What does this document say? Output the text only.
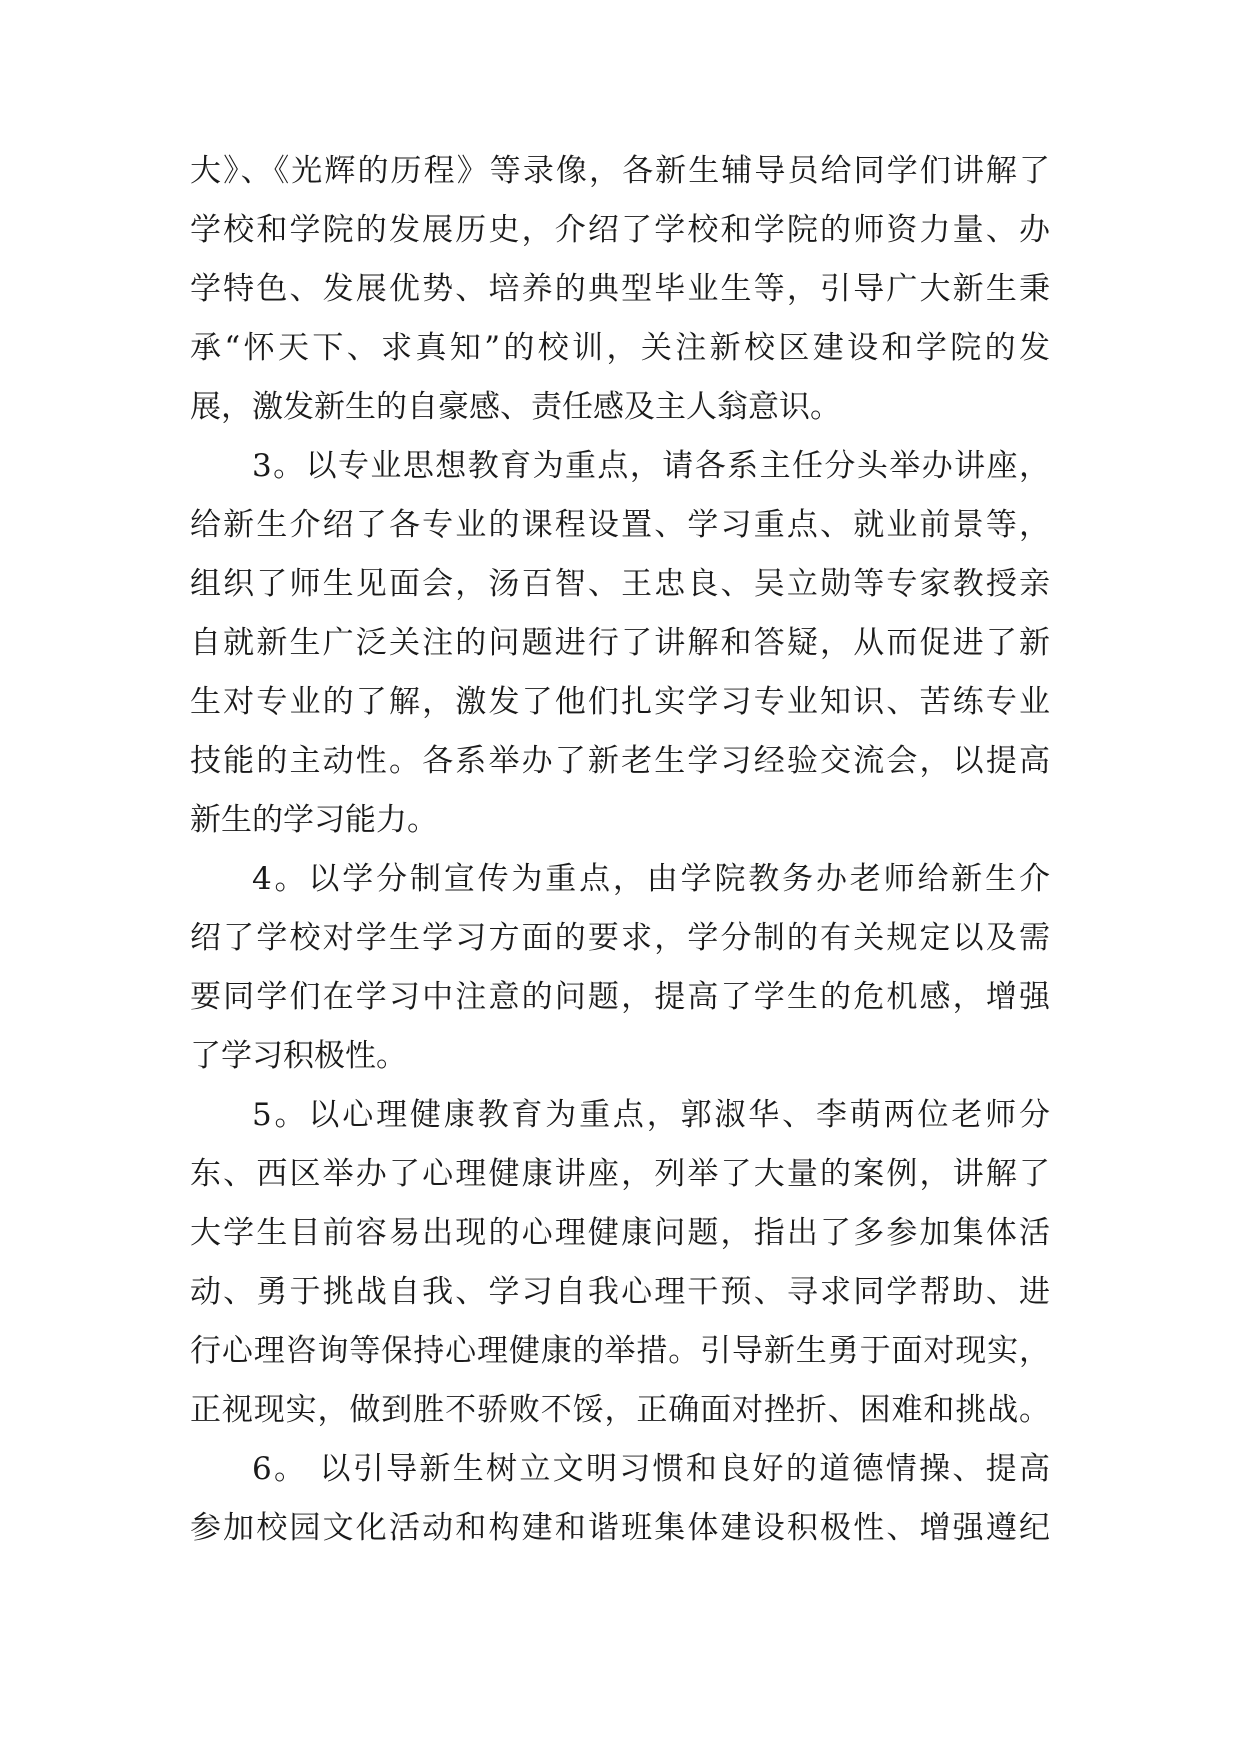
大》、《光辉的历程》等录像，各新生辅导员给同学们讲解了
学校和学院的发展历史，介绍了学校和学院的师资力量、办
学特色、发展优势、培养的典型毕业生等，引导广大新生秉
承“怀天下、求真知”的校训，关注新校区建设和学院的发
展，激发新生的自豪感、责任感及主人翁意识。
3。以专业思想教育为重点，请各系主任分头举办讲座，
给新生介绍了各专业的课程设置、学习重点、就业前景等，
组织了师生见面会，汤百智、王忠良、吴立勋等专家教授亲
自就新生广泛关注的问题进行了讲解和答疑，从而促进了新
生对专业的了解，激发了他们扎实学习专业知识、苦练专业
技能的主动性。各系举办了新老生学习经验交流会，以提高
新生的学习能力。
4。以学分制宣传为重点，由学院教务办老师给新生介
绍了学校对学生学习方面的要求，学分制的有关规定以及需
要同学们在学习中注意的问题，提高了学生的危机感，增强
了学习积极性。
5。以心理健康教育为重点，郭淑华、李萌两位老师分
东、西区举办了心理健康讲座，列举了大量的案例，讲解了
大学生目前容易出现的心理健康问题，指出了多参加集体活
动、勇于挑战自我、学习自我心理干预、寻求同学帮助、进
行心理咨询等保持心理健康的举措。引导新生勇于面对现实，
正视现实，做到胜不骄败不馁，正确面对挫折、困难和挑战。
6。 以引导新生树立文明习惯和良好的道德情操、提高
参加校园文化活动和构建和谐班集体建设积极性、增强遵纪
